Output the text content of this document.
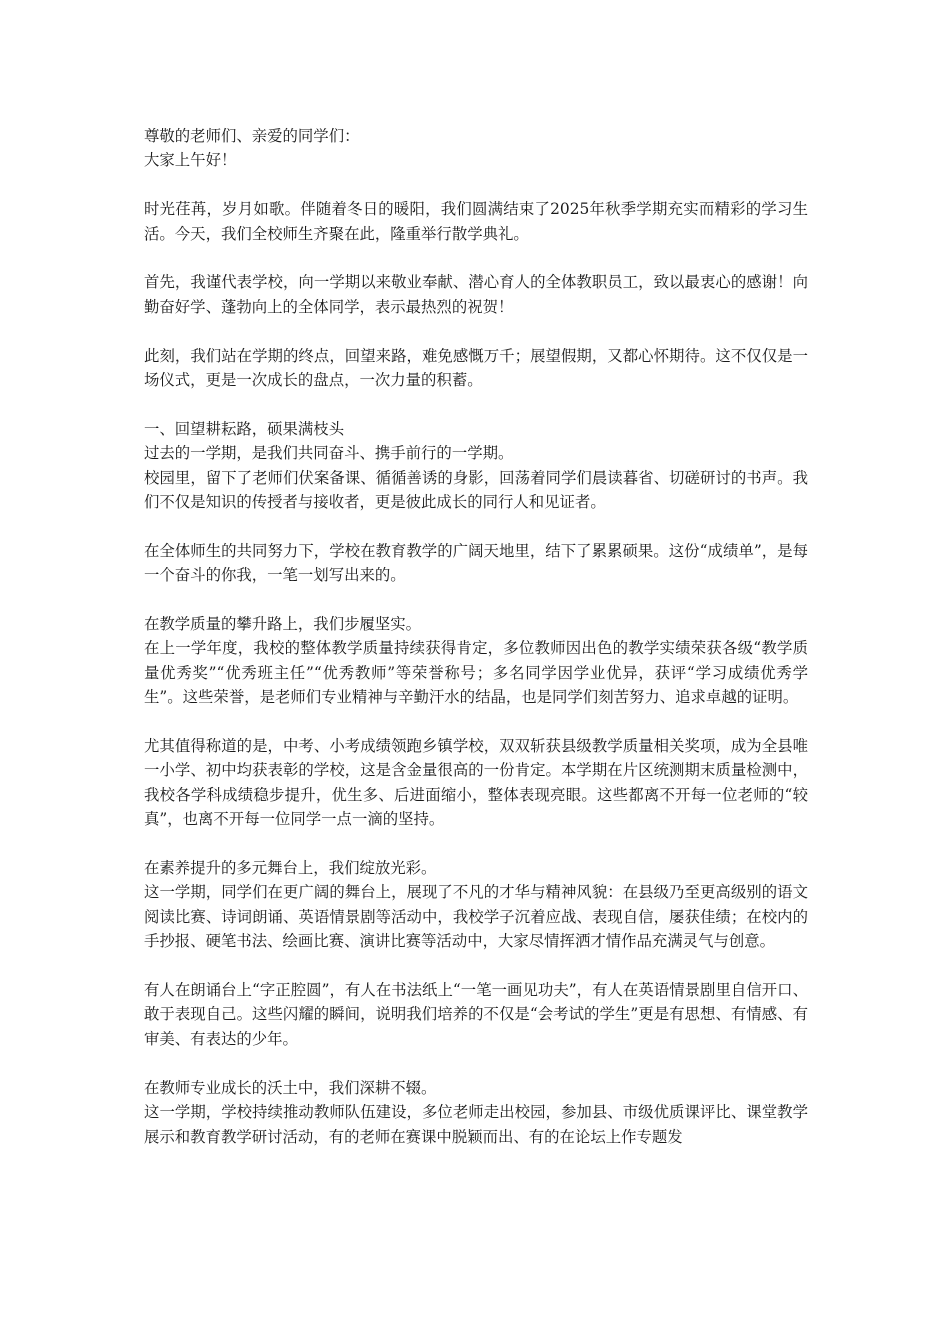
尊敬的老师们、亲爱的同学们：
大家上午好！
时光荏苒，岁月如歌。伴随着冬日的暖阳，我们圆满结束了2025年秋季学期充实而精彩的学习生活。今天，我们全校师生齐聚在此，隆重举行散学典礼。
首先，我谨代表学校，向一学期以来敬业奉献、潜心育人的全体教职员工，致以最衷心的感谢！向勤奋好学、蓬勃向上的全体同学，表示最热烈的祝贺！
此刻，我们站在学期的终点，回望来路，难免感慨万千；展望假期，又都心怀期待。这不仅仅是一场仪式，更是一次成长的盘点，一次力量的积蓄。
一、回望耕耘路，硕果满枝头
过去的一学期，是我们共同奋斗、携手前行的一学期。
校园里，留下了老师们伏案备课、循循善诱的身影，回荡着同学们晨读暮省、切磋研讨的书声。我们不仅是知识的传授者与接收者，更是彼此成长的同行人和见证者。
在全体师生的共同努力下，学校在教育教学的广阔天地里，结下了累累硕果。这份“成绩单”，是每一个奋斗的你我，一笔一划写出来的。
在教学质量的攀升路上，我们步履坚实。
在上一学年度，我校的整体教学质量持续获得肯定，多位教师因出色的教学实绩荣获各级“教学质量优秀奖”“优秀班主任”“优秀教师”等荣誉称号；多名同学因学业优异，获评“学习成绩优秀学生”。这些荣誉，是老师们专业精神与辛勤汗水的结晶，也是同学们刻苦努力、追求卓越的证明。
尤其值得称道的是，中考、小考成绩领跑乡镇学校，双双斩获县级教学质量相关奖项，成为全县唯一小学、初中均获表彰的学校，这是含金量很高的一份肯定。本学期在片区统测期末质量检测中，我校各学科成绩稳步提升，优生多、后进面缩小，整体表现亮眼。这些都离不开每一位老师的“较真”，也离不开每一位同学一点一滴的坚持。
在素养提升的多元舞台上，我们绽放光彩。
这一学期，同学们在更广阔的舞台上，展现了不凡的才华与精神风貌：在县级乃至更高级别的语文阅读比赛、诗词朗诵、英语情景剧等活动中，我校学子沉着应战、表现自信，屡获佳绩；在校内的手抄报、硬笔书法、绘画比赛、演讲比赛等活动中，大家尽情挥洒才情作品充满灵气与创意。
有人在朗诵台上“字正腔圆”，有人在书法纸上“一笔一画见功夫”，有人在英语情景剧里自信开口、敢于表现自己。这些闪耀的瞬间，说明我们培养的不仅是“会考试的学生”更是有思想、有情感、有审美、有表达的少年。
在教师专业成长的沃土中，我们深耕不辍。
这一学期，学校持续推动教师队伍建设，多位老师走出校园，参加县、市级优质课评比、课堂教学展示和教育教学研讨活动，有的老师在赛课中脱颖而出、有的在论坛上作专题发
